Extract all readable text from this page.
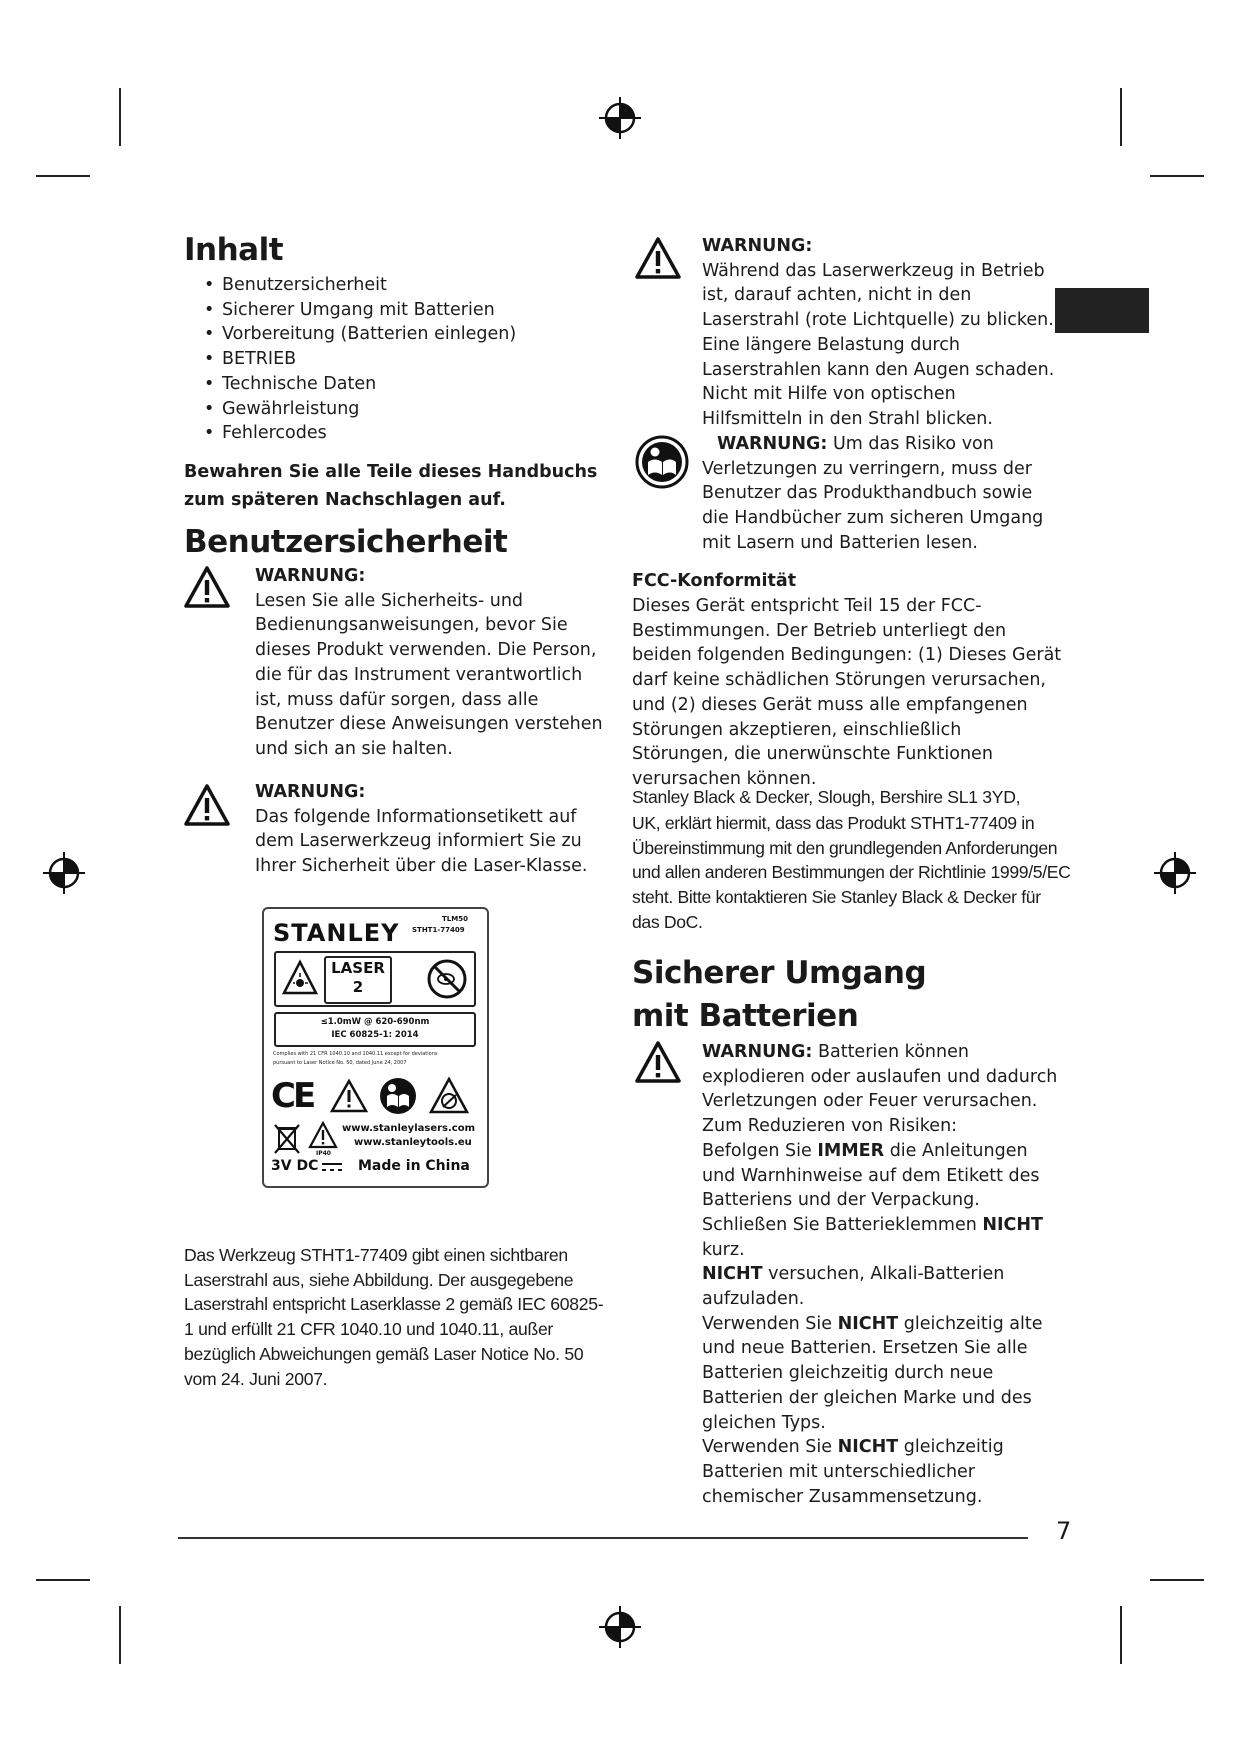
Inhalt
• Benutzersicherheit
• Sicherer Umgang mit Batterien
• Vorbereitung (Batterien einlegen)
• BETRIEB
• Technische Daten
• Gewährleistung
• Fehlercodes
Bewahren Sie alle Teile dieses Handbuchs zum späteren Nachschlagen auf.
Benutzersicherheit
WARNUNG:
Lesen Sie alle Sicherheits- und Bedienungsanweisungen, bevor Sie dieses Produkt verwenden. Die Person, die für das Instrument verantwortlich ist, muss dafür sorgen, dass alle Benutzer diese Anweisungen verstehen und sich an sie halten.
WARNUNG:
Das folgende Informationsetikett auf dem Laserwerkzeug informiert Sie zu Ihrer Sicherheit über die Laser-Klasse.
STANLEY	TLM50
STHT1-77409
LASER
2
≤1.0mW @ 620-690nm
IEC 60825-1: 2014
Complies with 21 CFR 1040.10 and 1040.11 except for deviations
pursuant to Laser Notice No. 50, dated June 24, 2007
CE
www.stanleylasers.com
www.stanleytools.eu
IP40
3V DC	Made in China
Das Werkzeug STHT1-77409 gibt einen sichtbaren Laserstrahl aus, siehe Abbildung. Der ausgegebene Laserstrahl entspricht Laserklasse 2 gemäß IEC 60825-1 und erfüllt 21 CFR 1040.10 und 1040.11, außer bezüglich Abweichungen gemäß Laser Notice No. 50 vom 24. Juni 2007.
WARNUNG:
Während das Laserwerkzeug in Betrieb ist, darauf achten, nicht in den Laserstrahl (rote Lichtquelle) zu blicken. Eine längere Belastung durch Laserstrahlen kann den Augen schaden. Nicht mit Hilfe von optischen Hilfsmitteln in den Strahl blicken.
WARNUNG: Um das Risiko von Verletzungen zu verringern, muss der Benutzer das Produkthandbuch sowie die Handbücher zum sicheren Umgang mit Lasern und Batterien lesen.
FCC-Konformität
Dieses Gerät entspricht Teil 15 der FCC-Bestimmungen. Der Betrieb unterliegt den beiden folgenden Bedingungen: (1) Dieses Gerät darf keine schädlichen Störungen verursachen, und (2) dieses Gerät muss alle empfangenen Störungen akzeptieren, einschließlich Störungen, die unerwünschte Funktionen verursachen können.
Stanley Black & Decker, Slough, Bershire SL1 3YD,
UK, erklärt hiermit, dass das Produkt STHT1-77409 in Übereinstimmung mit den grundlegenden Anforderungen und allen anderen Bestimmungen der Richtlinie 1999/5/EC steht. Bitte kontaktieren Sie Stanley Black & Decker für das DoC.
Sicherer Umgang mit Batterien

WARNUNG: Batterien können explodieren oder auslaufen und dadurch Verletzungen oder Feuer verursachen. Zum Reduzieren von Risiken:

Befolgen Sie IMMER die Anleitungen und Warnhinweise auf dem Etikett des Batteriens und der Verpackung.

Schließen Sie Batterieklemmen NICHT kurz.

NICHT versuchen, Alkali-Batterien aufzuladen.

Verwenden Sie NICHT gleichzeitig alte und neue Batterien. Ersetzen Sie alle Batterien gleichzeitig durch neue Batterien der gleichen Marke und des gleichen Typs.

Verwenden Sie NICHT gleichzeitig Batterien mit unterschiedlicher chemischer Zusammensetzung.

7
